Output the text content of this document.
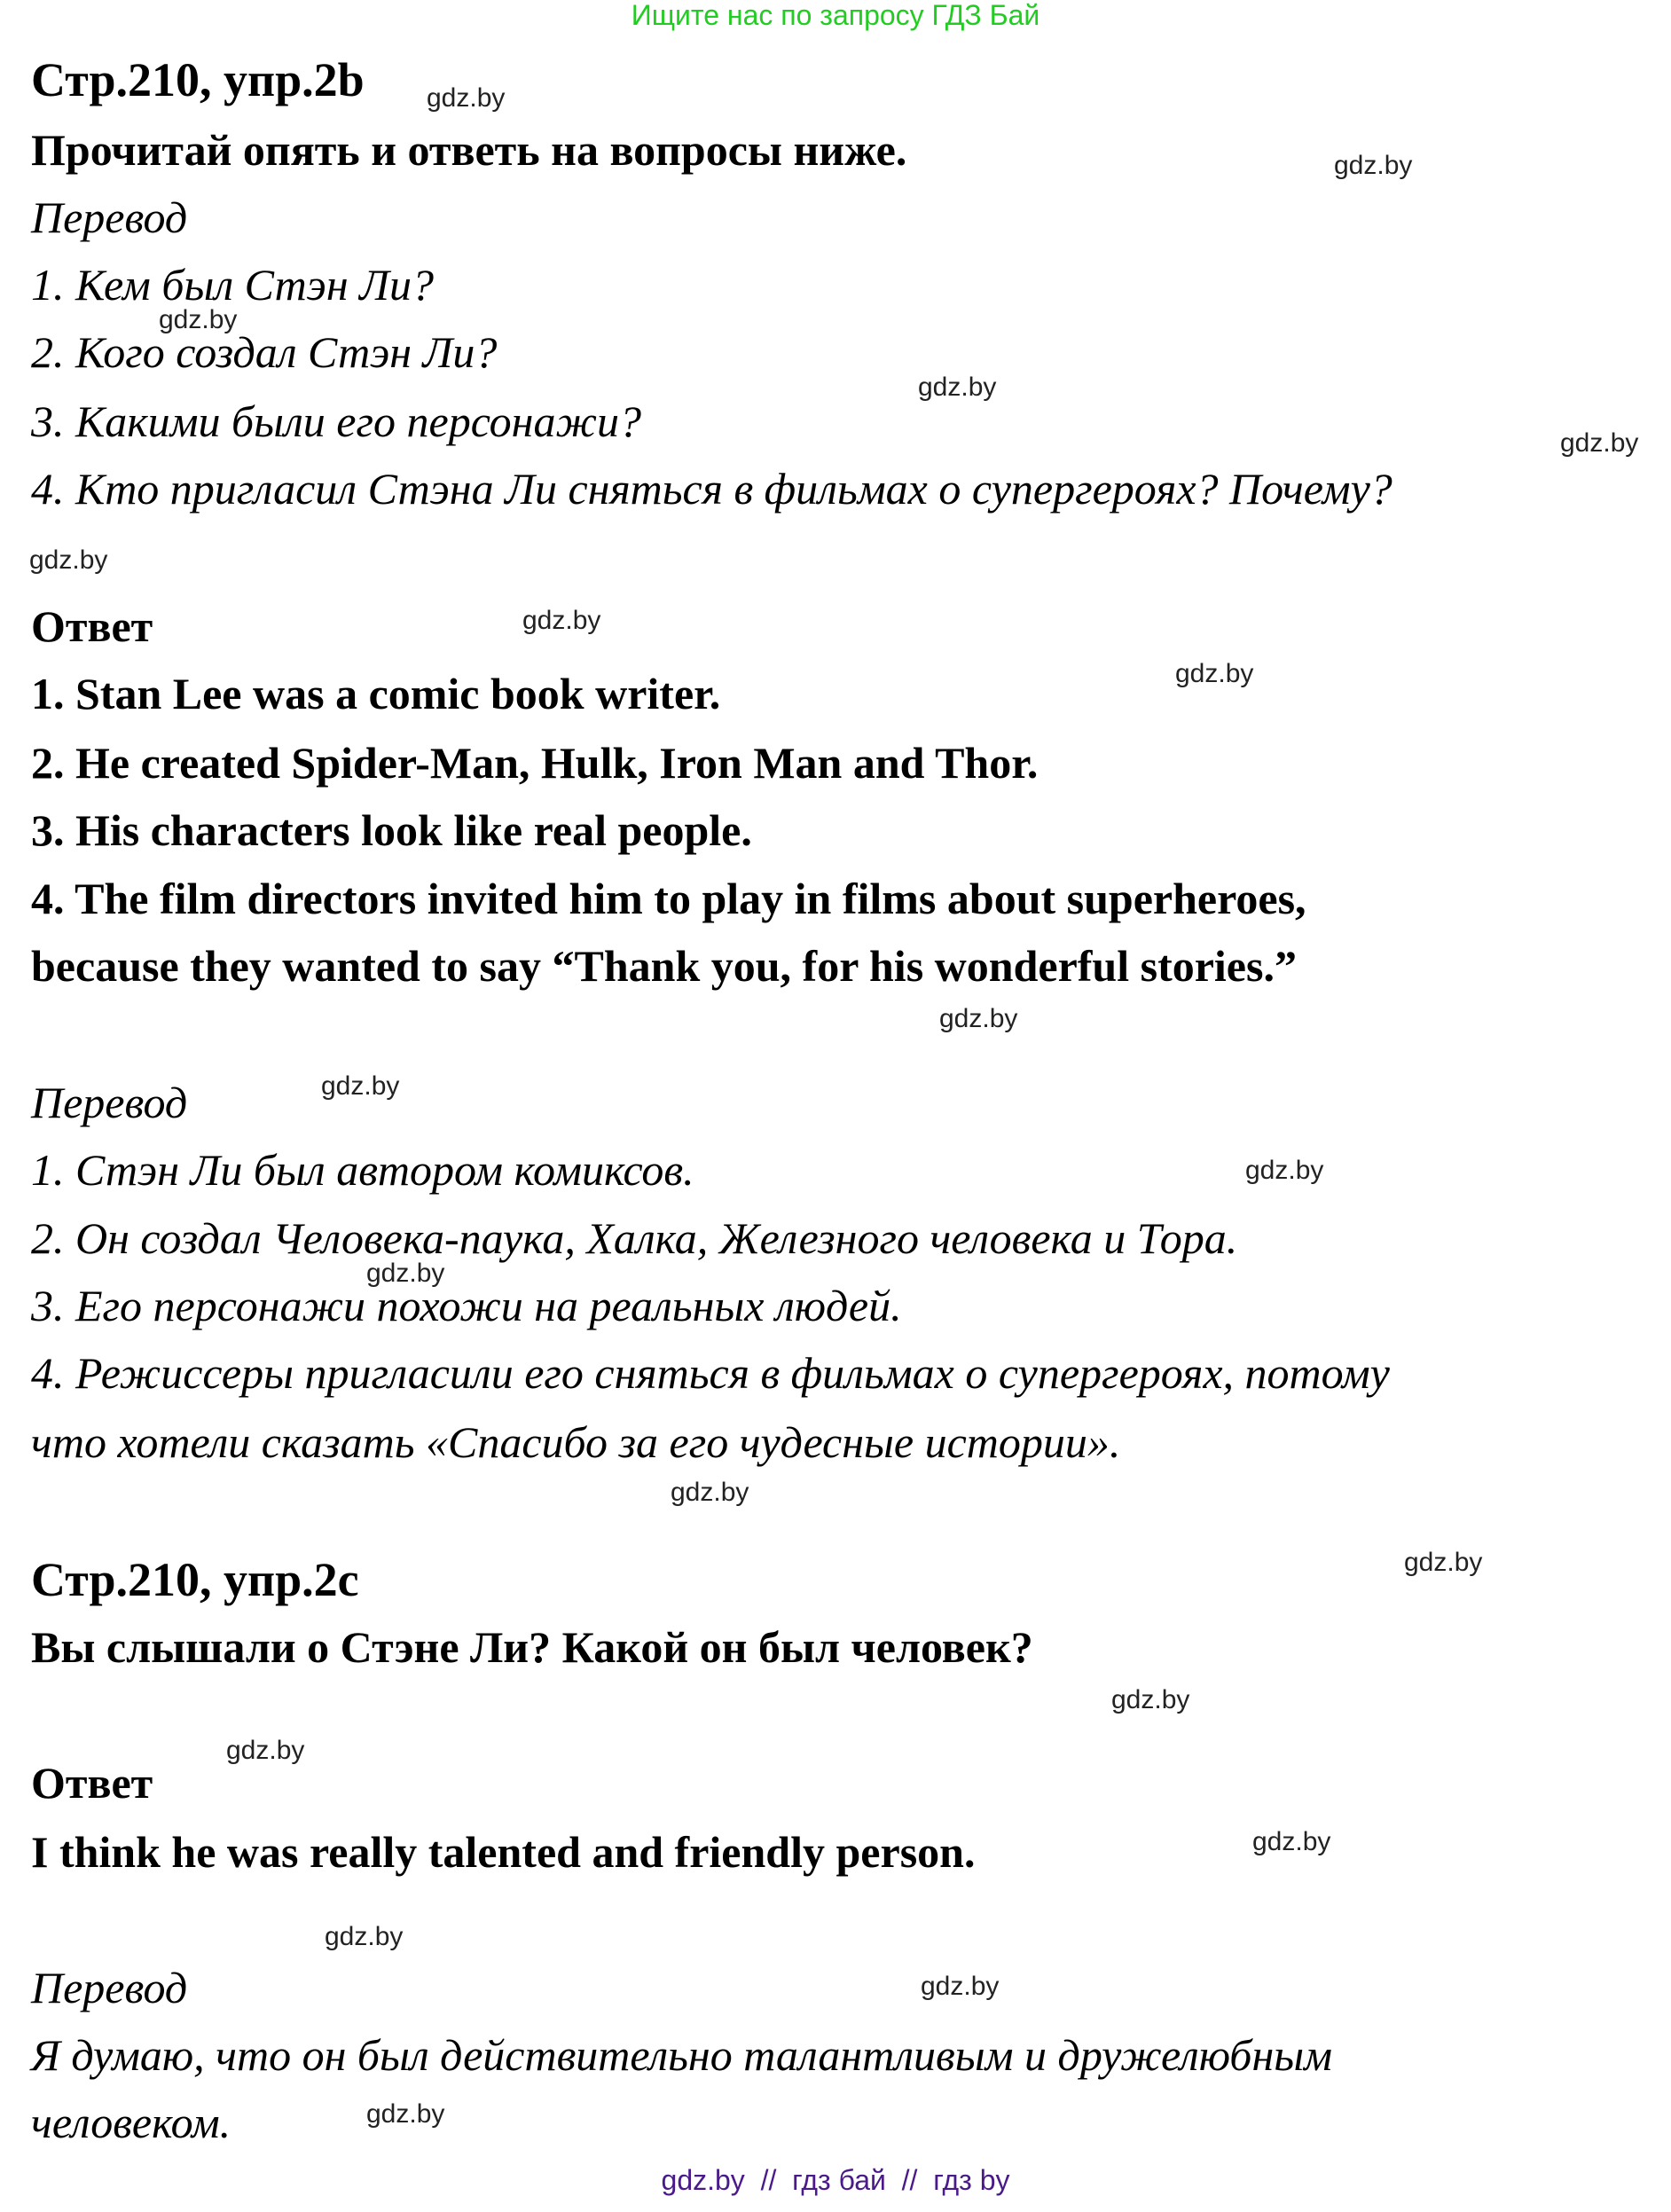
Ищите нас по запросу ГДЗ Бай
Стр.210, упр.2b
Прочитай опять и ответь на вопросы ниже.
Перевод
1. Кем был Стэн Ли?
2. Кого создал Стэн Ли?
3. Какими были его персонажи?
4. Кто пригласил Стэна Ли сняться в фильмах о супергероях? Почему?
Ответ
1. Stan Lee was a comic book writer.
2. He created Spider-Man, Hulk, Iron Man and Thor.
3. His characters look like real people.
4. The film directors invited him to play in films about superheroes,
because they wanted to say “Thank you, for his wonderful stories.”
Перевод
1. Стэн Ли был автором комиксов.
2. Он создал Человека-паука, Халка, Железного человека и Тора.
3. Его персонажи похожи на реальных людей.
4. Режиссеры пригласили его сняться в фильмах о супергероях, потому
что хотели сказать «Спасибо за его чудесные истории».
Стр.210, упр.2c
Вы слышали о Стэне Ли? Какой он был человек?
Ответ
I think he was really talented and friendly person.
Перевод
Я думаю, что он был действительно талантливым и дружелюбным
человеком.
gdz.by
gdz.by
gdz.by
gdz.by
gdz.by
gdz.by
gdz.by
gdz.by
gdz.by
gdz.by
gdz.by
gdz.by
gdz.by
gdz.by
gdz.by
gdz.by
gdz.by
gdz.by
gdz.by
gdz.by
gdz.by  //  гдз бай  //  гдз by
